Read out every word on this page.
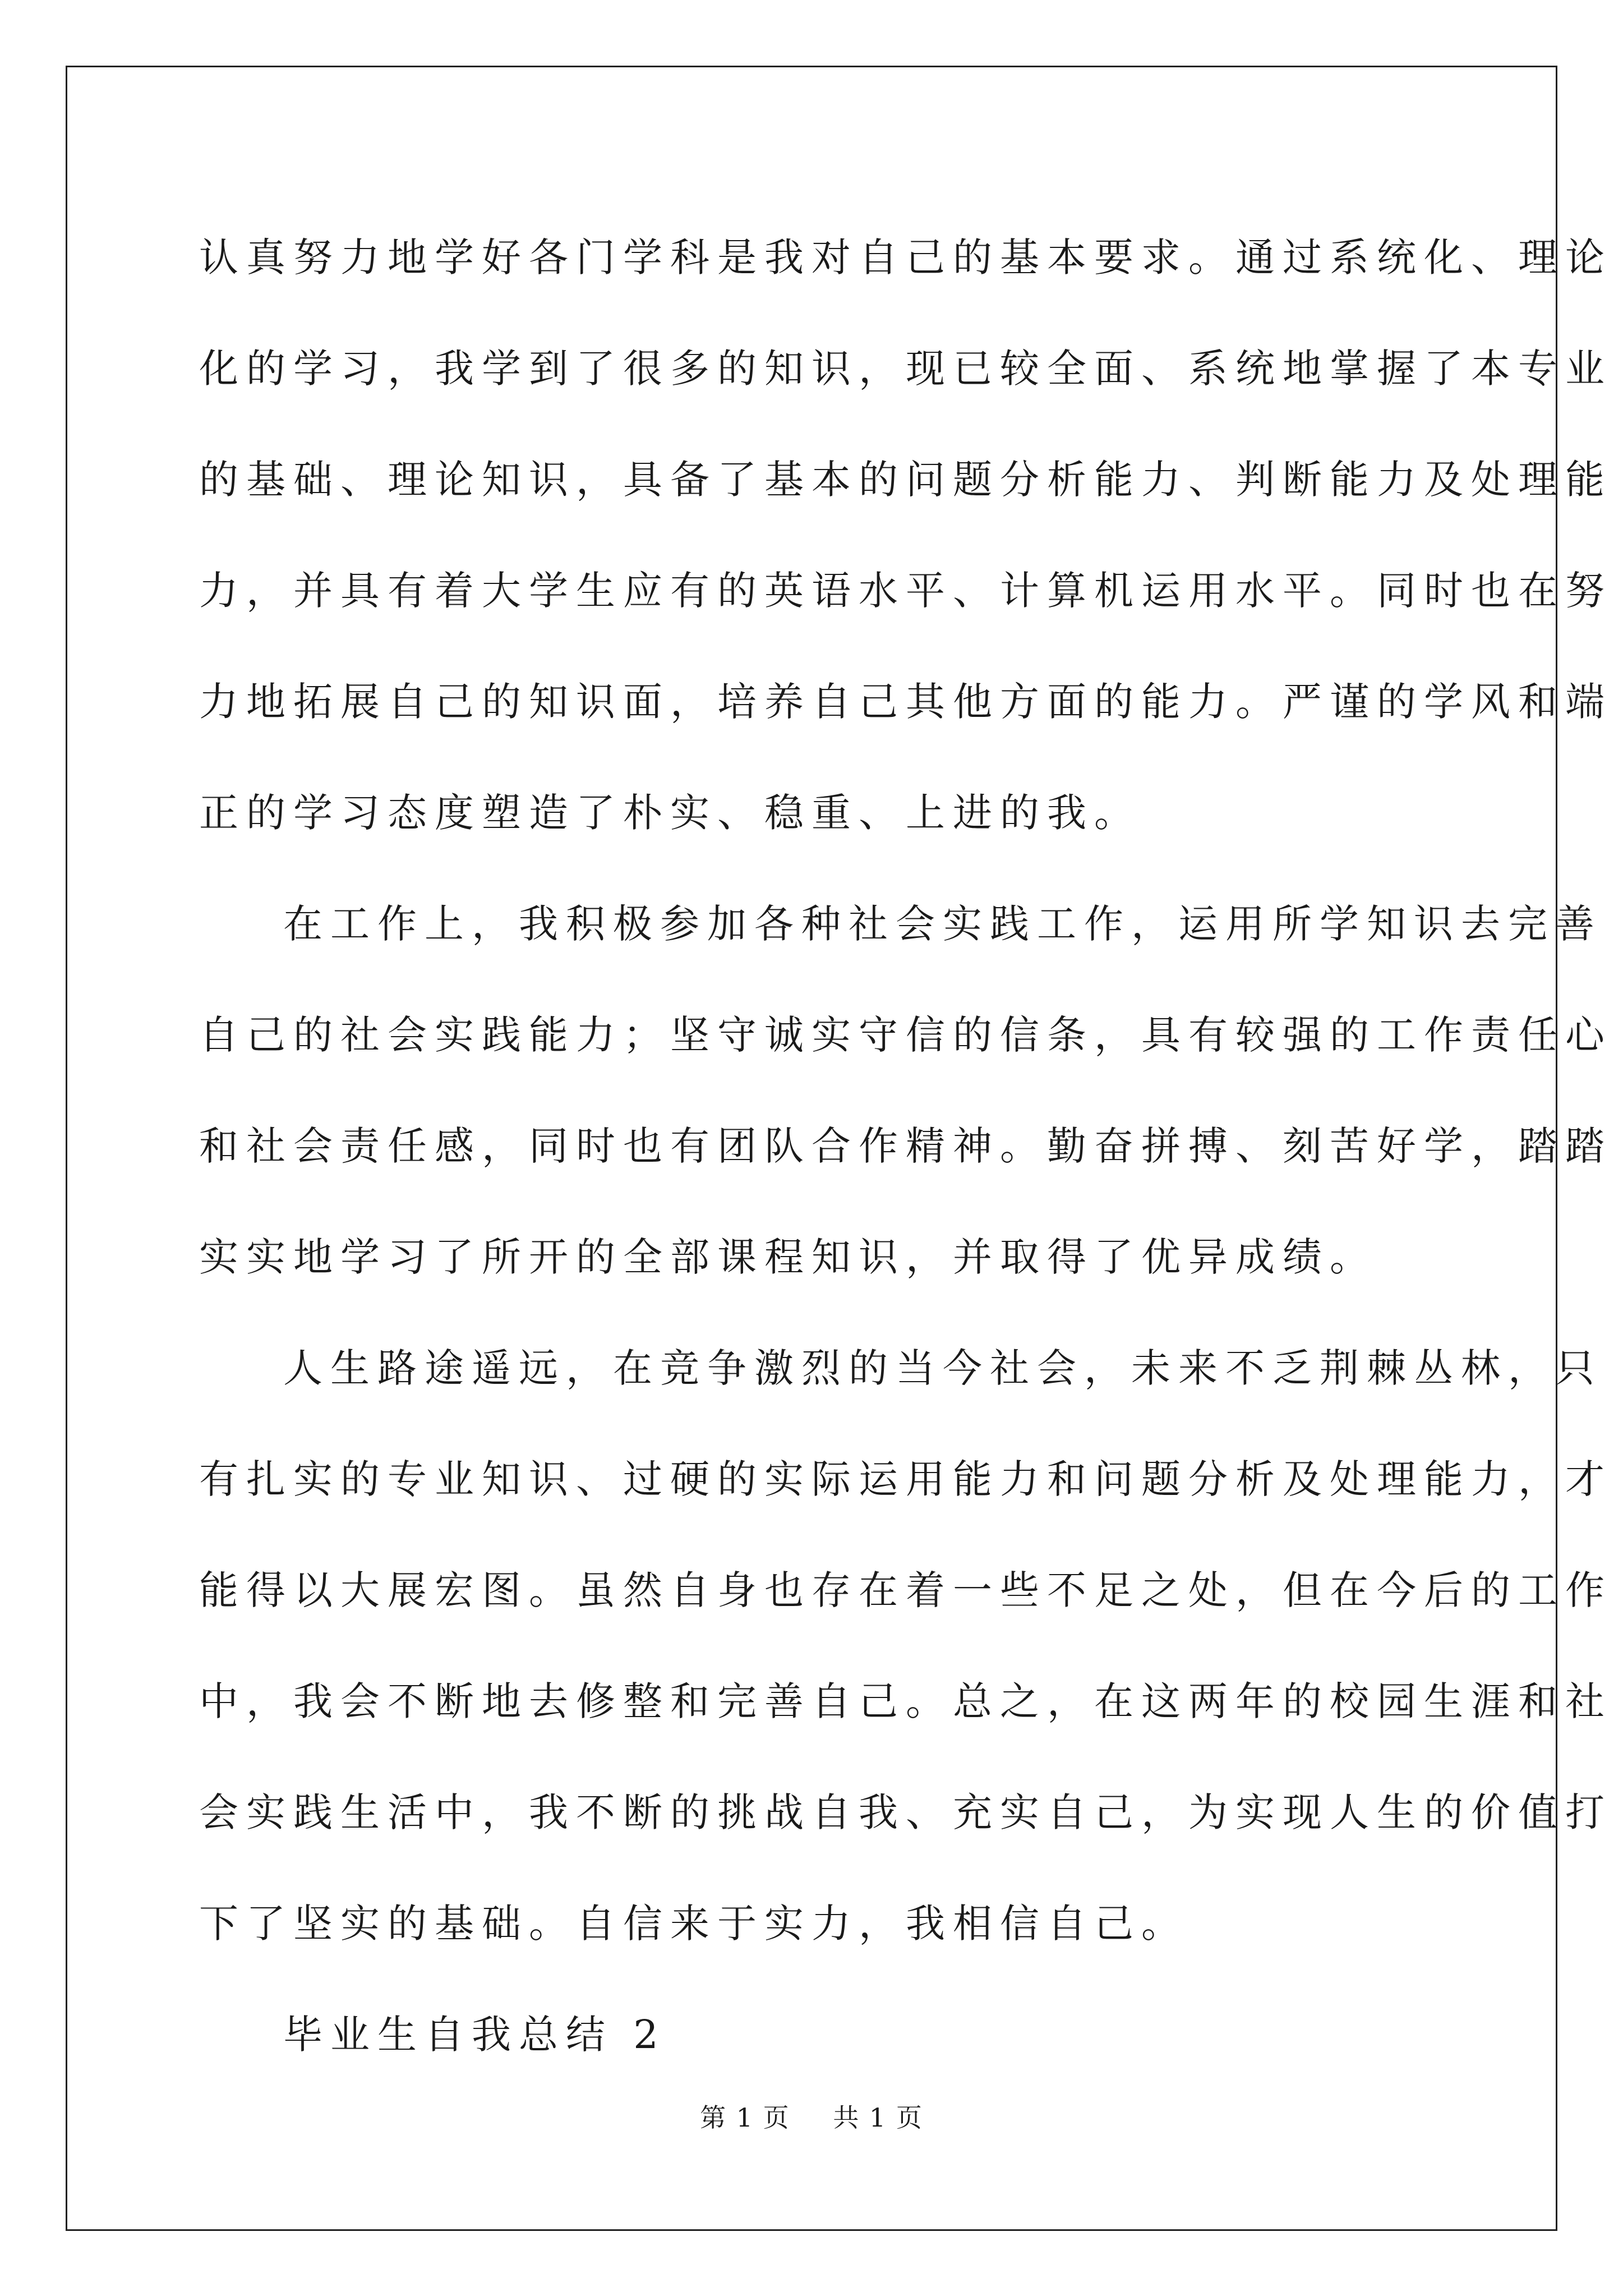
认真努力地学好各门学科是我对自己的基本要求。通过系统化、理论
化的学习，我学到了很多的知识，现已较全面、系统地掌握了本专业
的基础、理论知识，具备了基本的问题分析能力、判断能力及处理能
力，并具有着大学生应有的英语水平、计算机运用水平。同时也在努
力地拓展自己的知识面，培养自己其他方面的能力。严谨的学风和端
正的学习态度塑造了朴实、稳重、上进的我。

在工作上，我积极参加各种社会实践工作，运用所学知识去完善
自己的社会实践能力；坚守诚实守信的信条，具有较强的工作责任心
和社会责任感，同时也有团队合作精神。勤奋拼搏、刻苦好学，踏踏
实实地学习了所开的全部课程知识，并取得了优异成绩。

人生路途遥远，在竞争激烈的当今社会，未来不乏荆棘丛林，只
有扎实的专业知识、过硬的实际运用能力和问题分析及处理能力，才
能得以大展宏图。虽然自身也存在着一些不足之处，但在今后的工作
中，我会不断地去修整和完善自己。总之，在这两年的校园生涯和社
会实践生活中，我不断的挑战自我、充实自己，为实现人生的价值打
下了坚实的基础。自信来于实力，我相信自己。

毕业生自我总结 2

第 1 页 共 1 页
